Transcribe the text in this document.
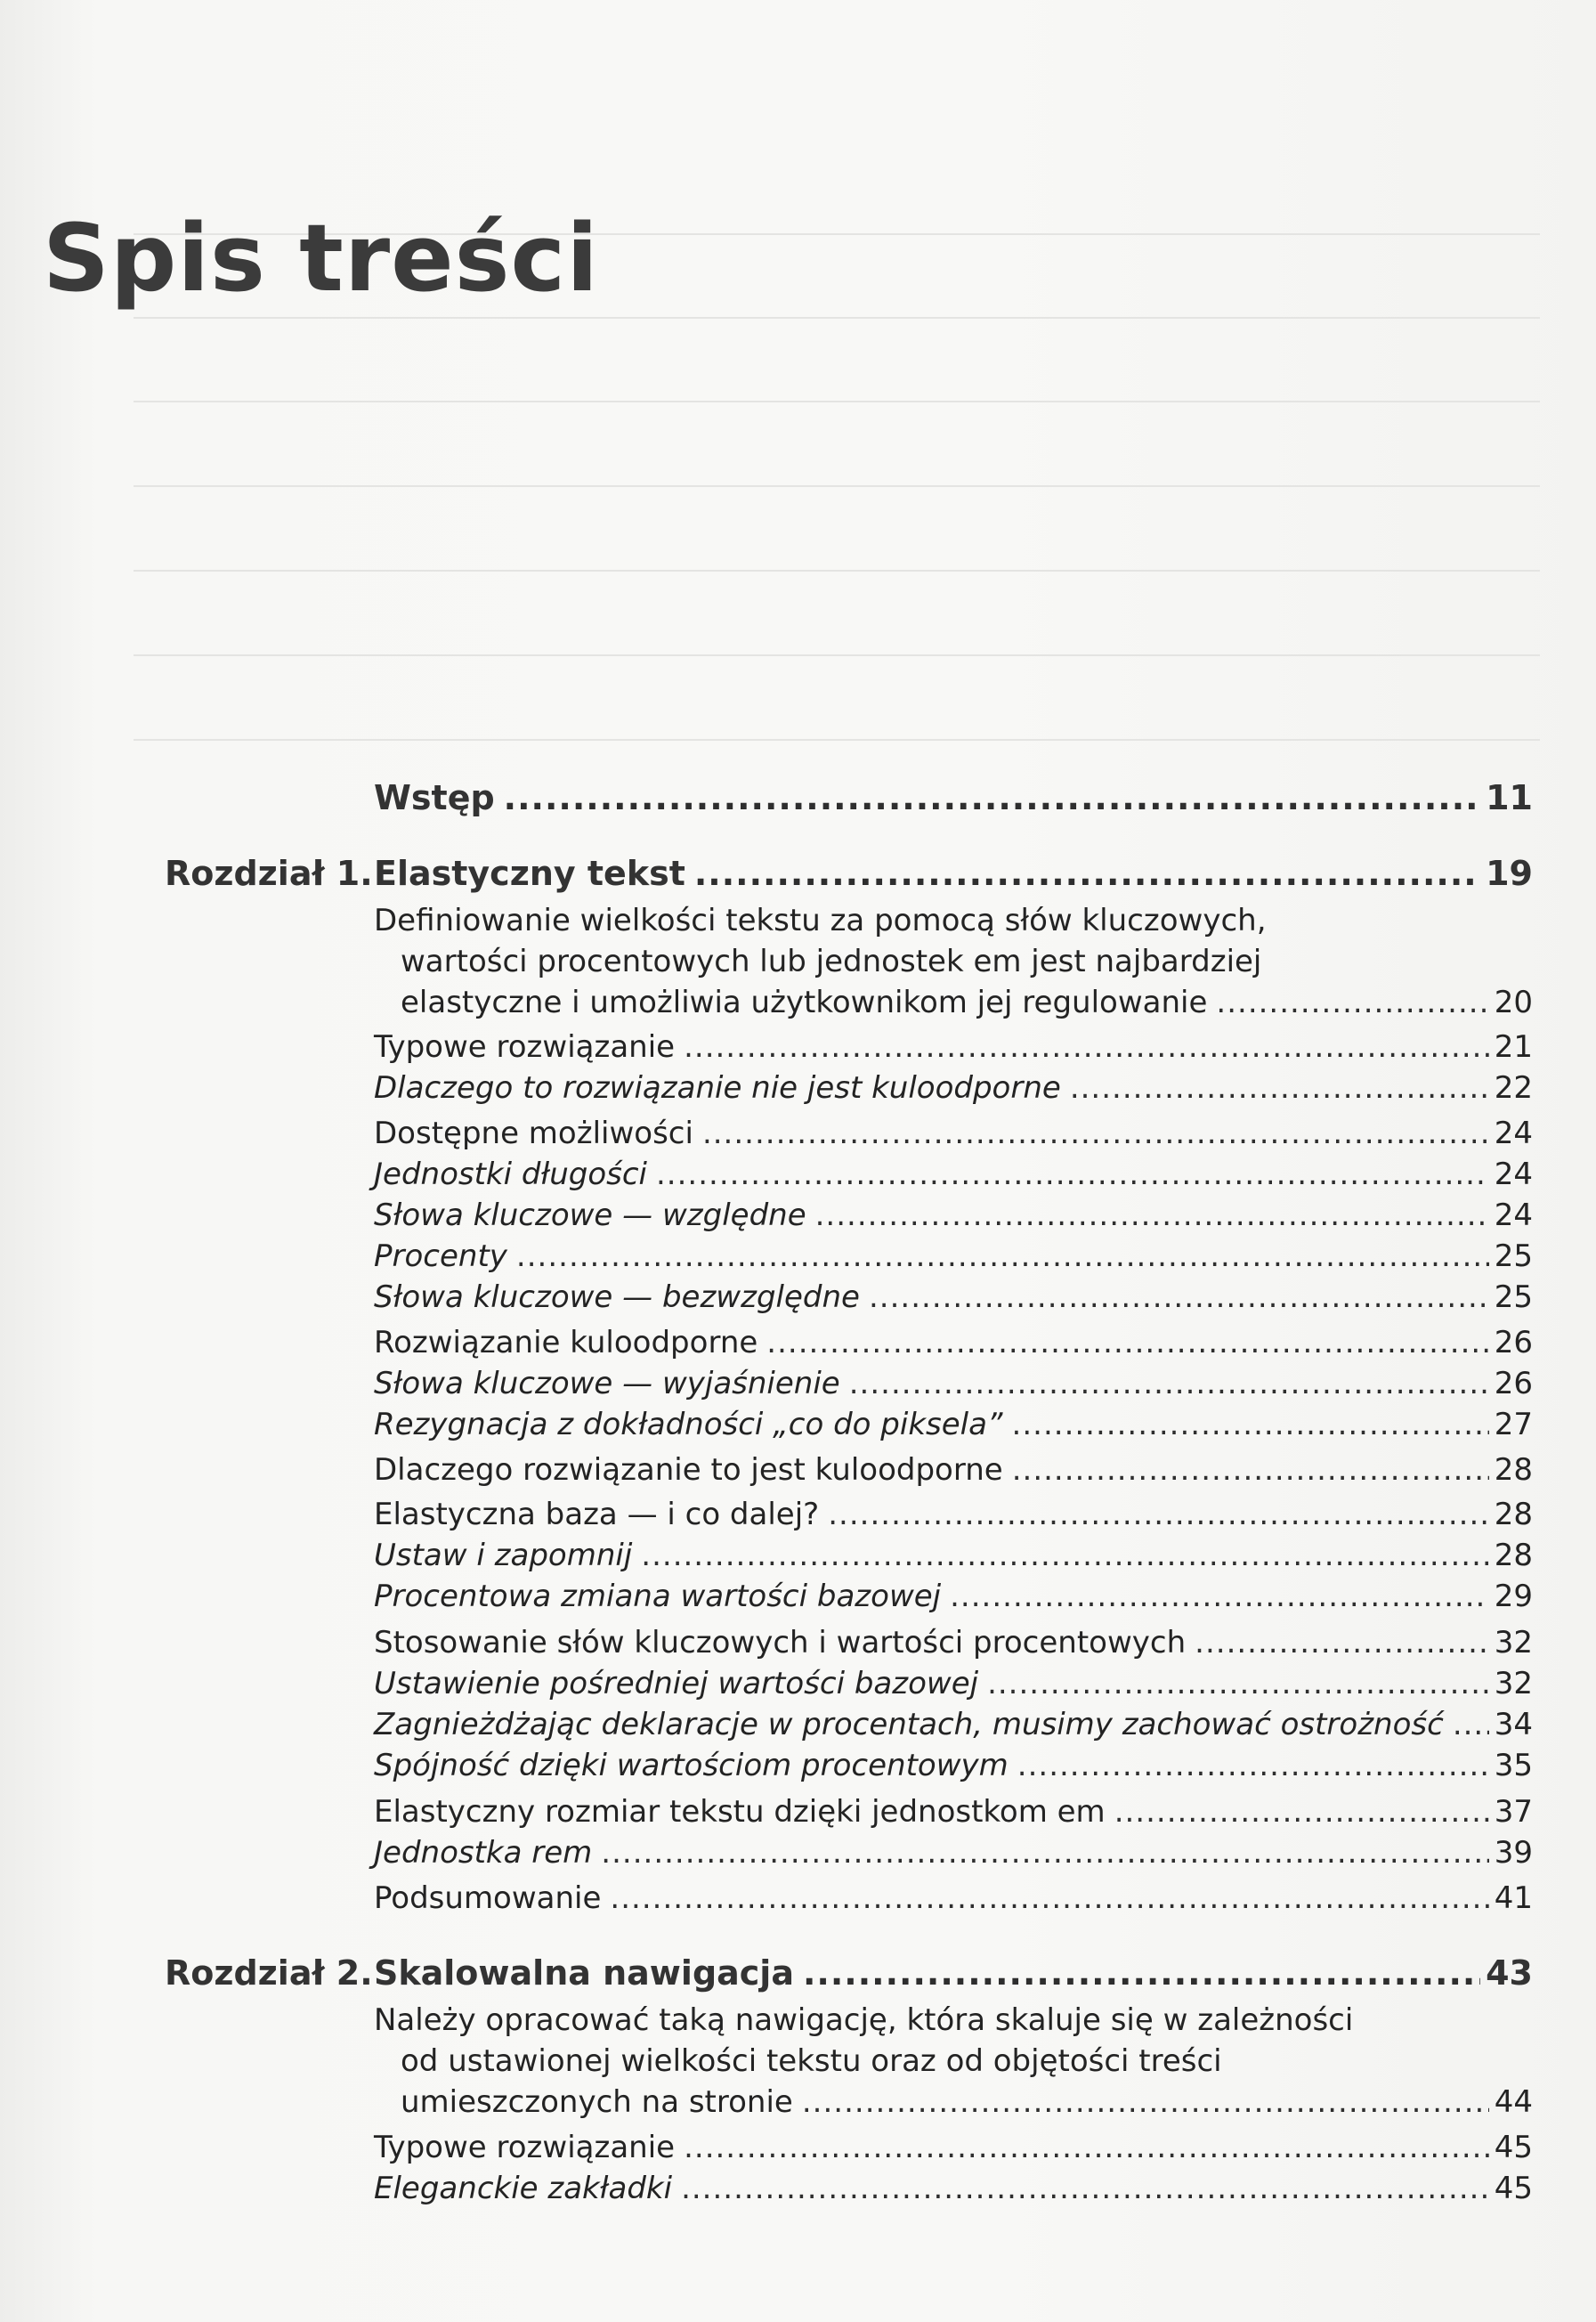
Spis treści
Wstęp .....	11
Rozdział 1. Elastyczny tekst .....	19
Definiowanie wielkości tekstu za pomocą słów kluczowych,
wartości procentowych lub jednostek em jest najbardziej
elastyczne i umożliwia użytkownikom jej regulowanie .....	20
Typowe rozwiązanie .....	21
Dlaczego to rozwiązanie nie jest kuloodporne .....	22
Dostępne możliwości .....	24
Jednostki długości .....	24
Słowa kluczowe — względne .....	24
Procenty .....	25
Słowa kluczowe — bezwzględne .....	25
Rozwiązanie kuloodporne .....	26
Słowa kluczowe — wyjaśnienie .....	26
Rezygnacja z dokładności „co do piksela” .....	27
Dlaczego rozwiązanie to jest kuloodporne .....	28
Elastyczna baza — i co dalej? .....	28
Ustaw i zapomnij .....	28
Procentowa zmiana wartości bazowej .....	29
Stosowanie słów kluczowych i wartości procentowych .....	32
Ustawienie pośredniej wartości bazowej .....	32
Zagnieżdżając deklaracje w procentach, musimy zachować ostrożność ..... 34
Spójność dzięki wartościom procentowym .....	35
Elastyczny rozmiar tekstu dzięki jednostkom em .....	37
Jednostka rem .....	39
Podsumowanie .....	41
Rozdział 2. Skalowalna nawigacja .....	43
Należy opracować taką nawigację, która skaluje się w zależności
od ustawionej wielkości tekstu oraz od objętości treści
umieszczonych na stronie .....	44
Typowe rozwiązanie .....	45
Eleganckie zakładki .....	45
